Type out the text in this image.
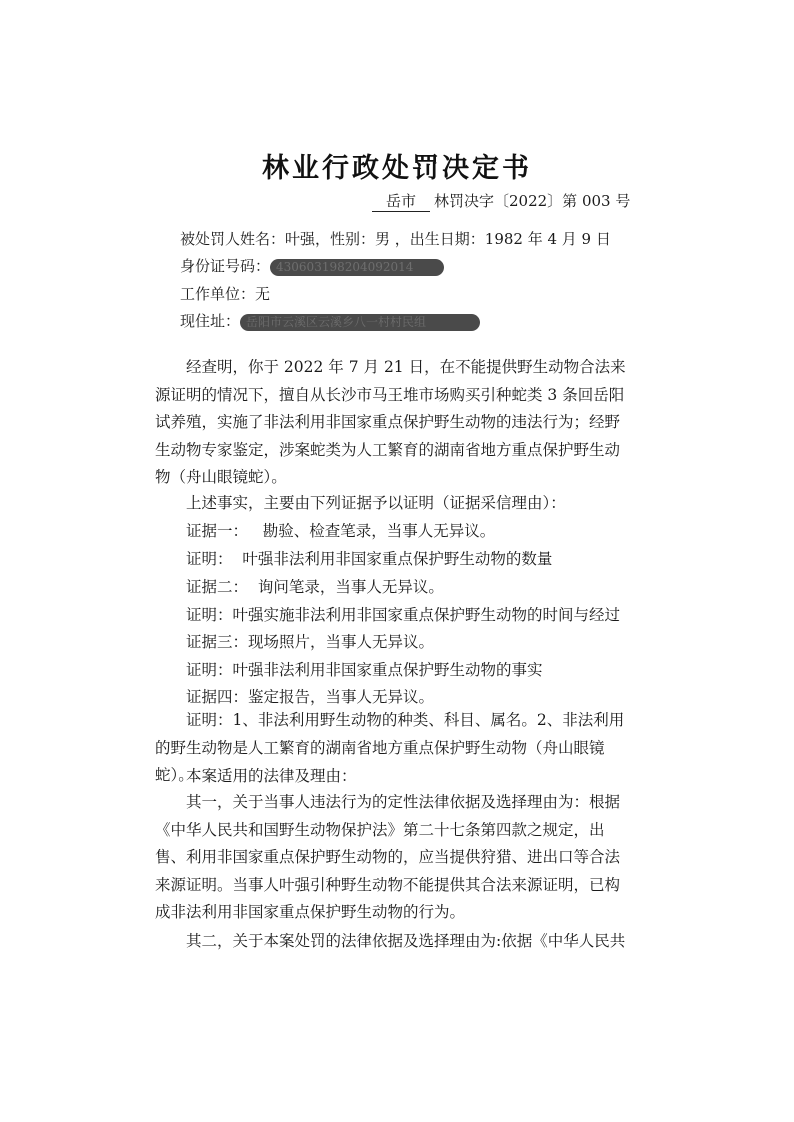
林业行政处罚决定书
岳市 林罚决字〔2022〕第 003 号
被处罚人姓名：叶强，性别：男 ，出生日期：1982 年 4 月 9 日
身份证号码： 430603198204092014
工作单位：无
现住址： 岳阳市云溪区云溪乡八一村村民组

经查明，你于 2022 年 7 月 21 日，在不能提供野生动物合法来源证明的情况下，擅自从长沙市马王堆市场购买引种蛇类 3 条回岳阳试养殖，实施了非法利用非国家重点保护野生动物的违法行为；经野生动物专家鉴定，涉案蛇类为人工繁育的湖南省地方重点保护野生动物（舟山眼镜蛇）。

上述事实，主要由下列证据予以证明（证据采信理由）：
证据一： 勘验、检查笔录，当事人无异议。
证明： 叶强非法利用非国家重点保护野生动物的数量
证据二： 询问笔录，当事人无异议。
证明：叶强实施非法利用非国家重点保护野生动物的时间与经过
证据三：现场照片，当事人无异议。
证明：叶强非法利用非国家重点保护野生动物的事实
证据四：鉴定报告，当事人无异议。

证明：1、非法利用野生动物的种类、科目、属名。2、非法利用的野生动物是人工繁育的湖南省地方重点保护野生动物（舟山眼镜蛇）。

本案适用的法律及理由：

其一，关于当事人违法行为的定性法律依据及选择理由为：根据《中华人民共和国野生动物保护法》第二十七条第四款之规定，出售、利用非国家重点保护野生动物的，应当提供狩猎、进出口等合法来源证明。当事人叶强引种野生动物不能提供其合法来源证明，已构成非法利用非国家重点保护野生动物的行为。

其二，关于本案处罚的法律依据及选择理由为:依据《中华人民共
